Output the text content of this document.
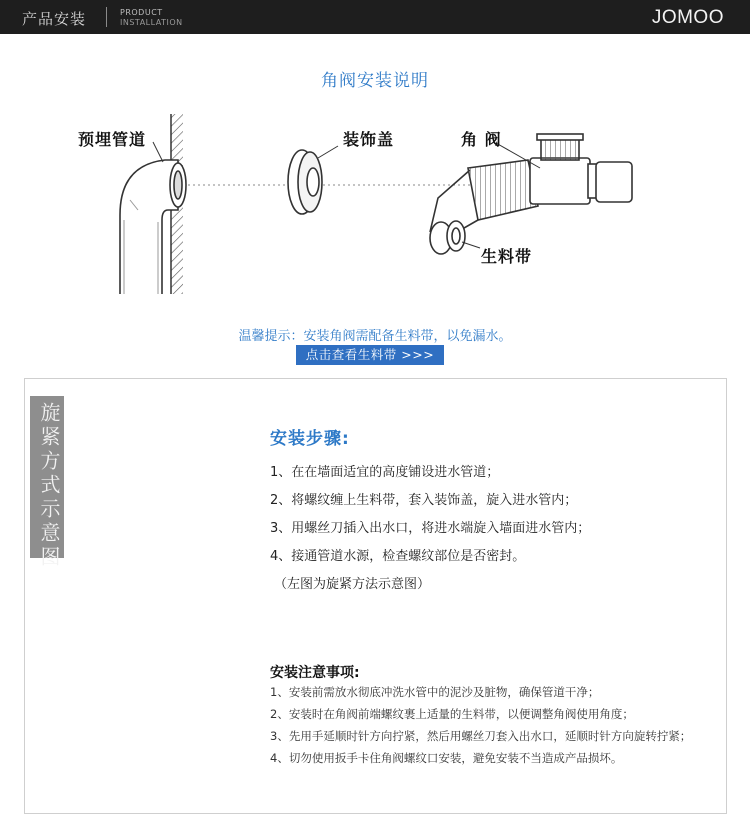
产品安装	PRODUCT
INSTALLATION	JOMOO
角阀安装说明
预埋管道	装饰盖	角 阀
生料带
温馨提示：安装角阀需配备生料带，以免漏水。
点击查看生料带 >>>
旋紧方式示意图	安装步骤:
1、在在墙面适宜的高度铺设进水管道；
2、将螺纹缠上生料带，套入装饰盖，旋入进水管内；
3、用螺丝刀插入出水口，将进水端旋入墙面进水管内；
4、接通管道水源，检查螺纹部位是否密封。
（左图为旋紧方法示意图）
安装注意事项:
1、安装前需放水彻底冲洗水管中的泥沙及脏物，确保管道干净；
2、安装时在角阀前端螺纹裹上适量的生料带，以便调整角阀使用角度；
3、先用手延顺时针方向拧紧，然后用螺丝刀套入出水口，延顺时针方向旋转拧紧；
4、切勿使用扳手卡住角阀螺纹口安装，避免安装不当造成产品损坏。
